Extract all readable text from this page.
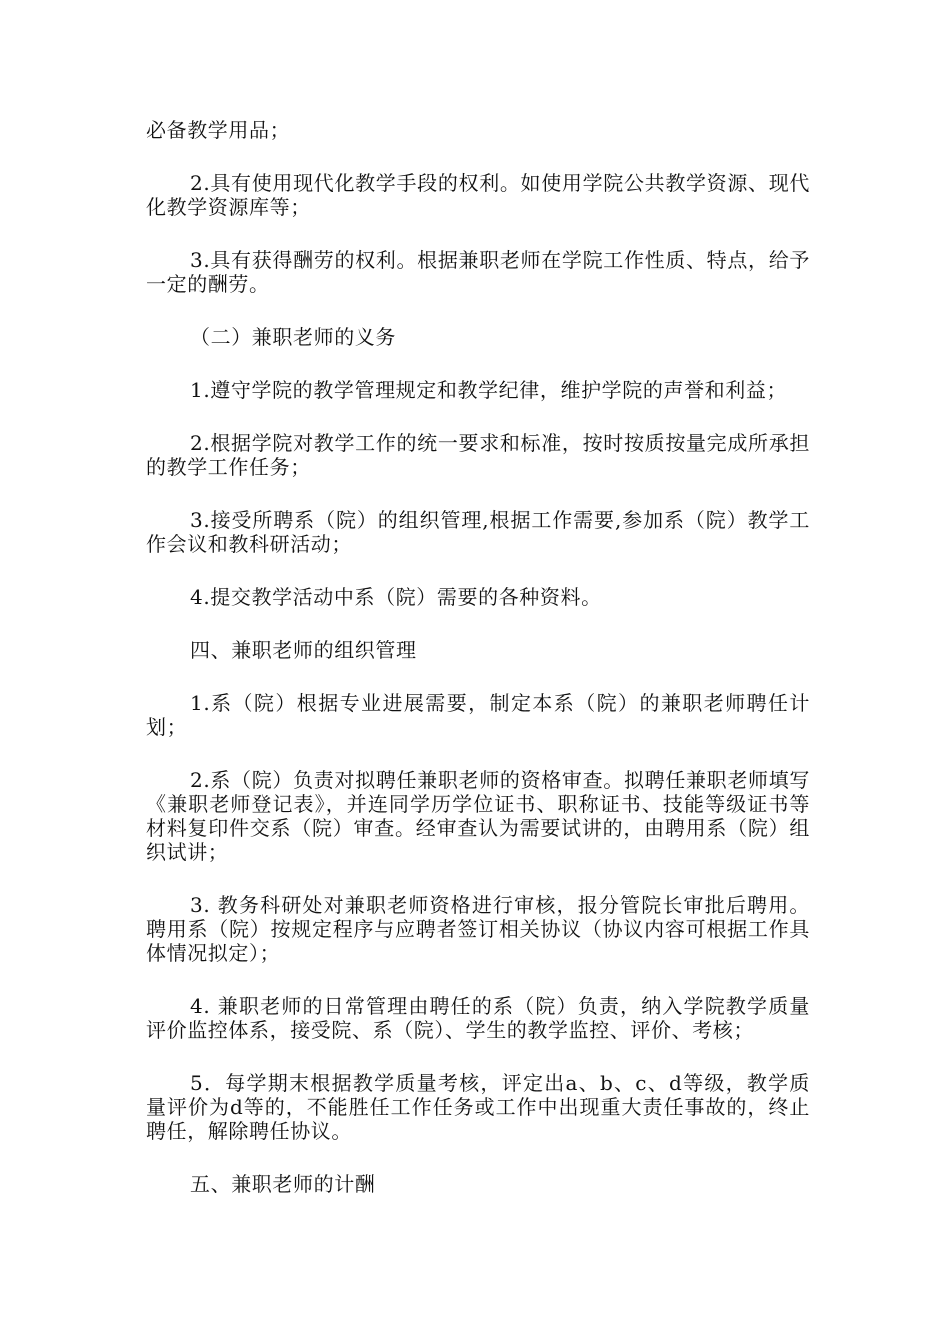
必备教学用品；

2.具有使用现代化教学手段的权利。如使用学院公共教学资源、现代化教学资源库等；

3.具有获得酬劳的权利。根据兼职老师在学院工作性质、特点，给予一定的酬劳。

（二）兼职老师的义务

1.遵守学院的教学管理规定和教学纪律，维护学院的声誉和利益；

2.根据学院对教学工作的统一要求和标准，按时按质按量完成所承担的教学工作任务；

3.接受所聘系（院）的组织管理,根据工作需要,参加系（院）教学工作会议和教科研活动；

4.提交教学活动中系（院）需要的各种资料。

四、兼职老师的组织管理

1.系（院）根据专业进展需要，制定本系（院）的兼职老师聘任计划；

2.系（院）负责对拟聘任兼职老师的资格审查。拟聘任兼职老师填写《兼职老师登记表》，并连同学历学位证书、职称证书、技能等级证书等材料复印件交系（院）审查。经审查认为需要试讲的，由聘用系（院）组织试讲；

3. 教务科研处对兼职老师资格进行审核，报分管院长审批后聘用。聘用系（院）按规定程序与应聘者签订相关协议（协议内容可根据工作具体情况拟定）；

4. 兼职老师的日常管理由聘任的系（院）负责，纳入学院教学质量评价监控体系，接受院、系（院）、学生的教学监控、评价、考核；

5．每学期末根据教学质量考核，评定出a、b、c、d等级，教学质量评价为d等的，不能胜任工作任务或工作中出现重大责任事故的，终止聘任，解除聘任协议。

五、兼职老师的计酬
